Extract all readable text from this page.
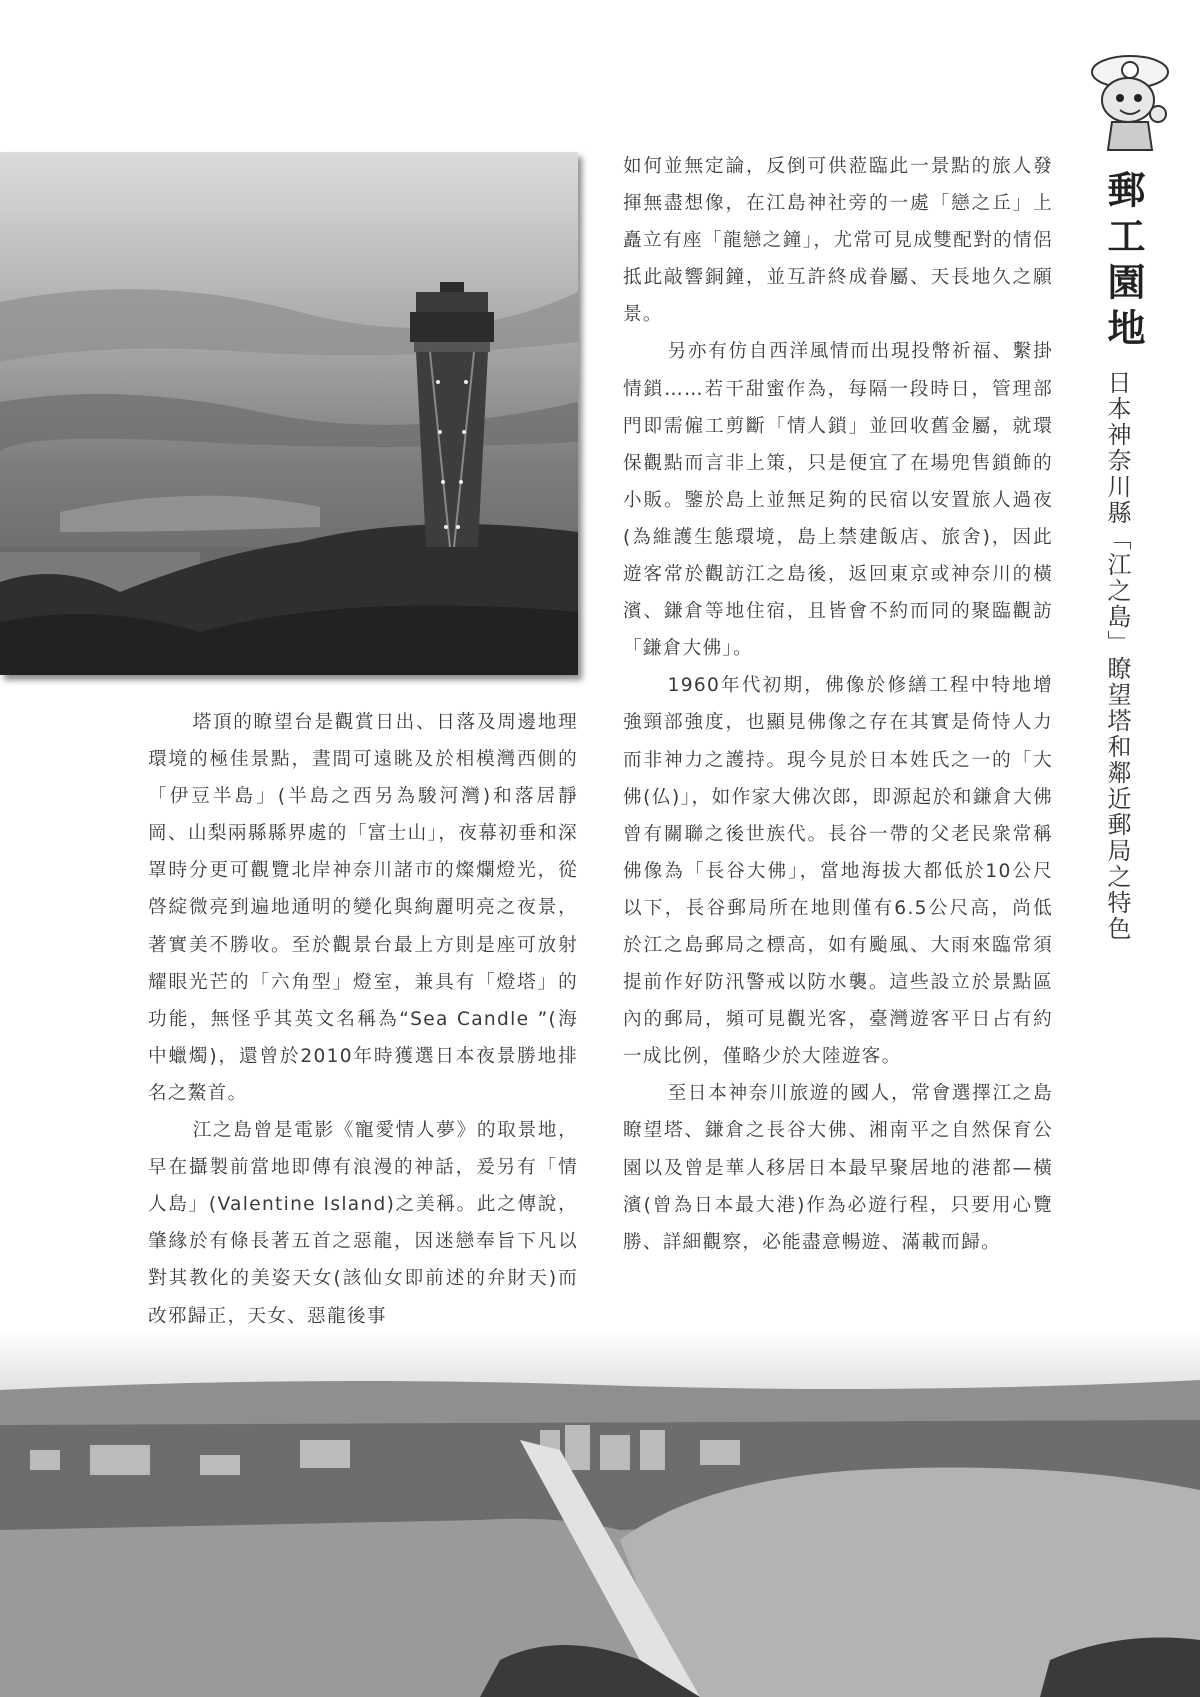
郵工園地
日本神奈川縣「江之島」瞭望塔和鄰近郵局之特色

塔頂的瞭望台是觀賞日出、日落及周邊地理環境的極佳景點，晝間可遠眺及於相模灣西側的「伊豆半島」(半島之西另為駿河灣)和落居靜岡、山梨兩縣縣界處的「富士山」，夜幕初垂和深罩時分更可觀覽北岸神奈川諸市的燦爛燈光，從啓綻微亮到遍地通明的變化與絢麗明亮之夜景，著實美不勝收。至於觀景台最上方則是座可放射耀眼光芒的「六角型」燈室，兼具有「燈塔」的功能，無怪乎其英文名稱為“Sea Candle ”(海中蠟燭)，還曾於2010年時獲選日本夜景勝地排名之鰲首。

江之島曾是電影《寵愛情人夢》的取景地，早在攝製前當地即傳有浪漫的神話，爰另有「情人島」(Valentine Island)之美稱。此之傳說，肇緣於有條長著五首之惡龍，因迷戀奉旨下凡以對其教化的美姿天女(該仙女即前述的弁財天)而改邪歸正，天女、惡龍後事

如何並無定論，反倒可供蒞臨此一景點的旅人發揮無盡想像，在江島神社旁的一處「戀之丘」上矗立有座「龍戀之鐘」，尤常可見成雙配對的情侶抵此敲響銅鐘，並互許終成眷屬、天長地久之願景。

另亦有仿自西洋風情而出現投幣祈福、繫掛情鎖……若干甜蜜作為，每隔一段時日，管理部門即需僱工剪斷「情人鎖」並回收舊金屬，就環保觀點而言非上策，只是便宜了在場兜售鎖飾的小販。鑒於島上並無足夠的民宿以安置旅人過夜(為維護生態環境，島上禁建飯店、旅舍)，因此遊客常於觀訪江之島後，返回東京或神奈川的橫濱、鎌倉等地住宿，且皆會不約而同的聚臨觀訪「鎌倉大佛」。

1960年代初期，佛像於修繕工程中特地增強頸部強度，也顯見佛像之存在其實是倚恃人力而非神力之護持。現今見於日本姓氏之一的「大佛(仏)」，如作家大佛次郎，即源起於和鎌倉大佛曾有關聯之後世族代。長谷一帶的父老民衆常稱佛像為「長谷大佛」，當地海拔大都低於10公尺以下，長谷郵局所在地則僅有6.5公尺高，尚低於江之島郵局之標高，如有颱風、大雨來臨常須提前作好防汛警戒以防水襲。這些設立於景點區內的郵局，頻可見觀光客，臺灣遊客平日占有約一成比例，僅略少於大陸遊客。

至日本神奈川旅遊的國人，常會選擇江之島瞭望塔、鎌倉之長谷大佛、湘南平之自然保育公園以及曾是華人移居日本最早聚居地的港都—橫濱(曾為日本最大港)作為必遊行程，只要用心覽勝、詳細觀察，必能盡意暢遊、滿載而歸。
